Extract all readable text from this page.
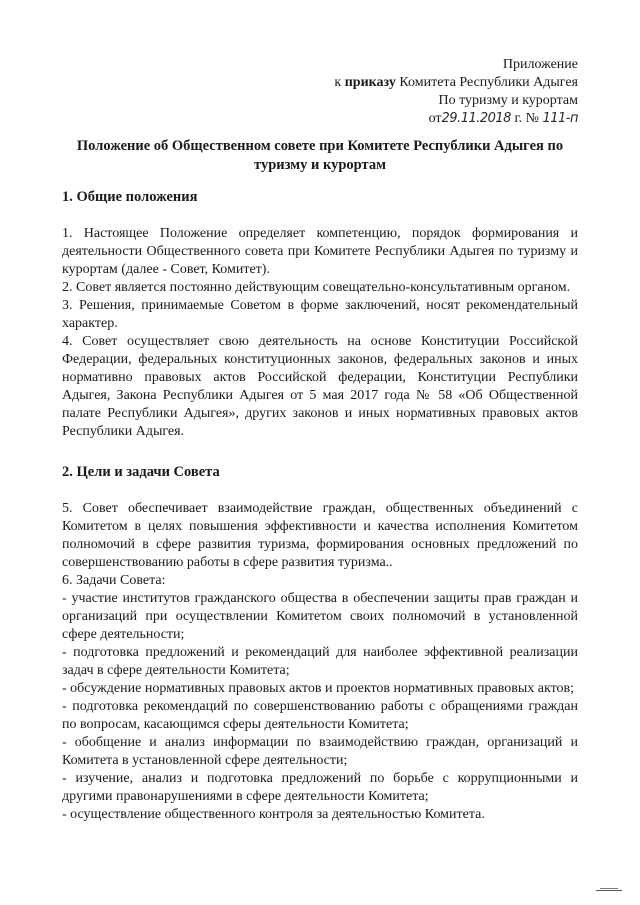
Приложение
к приказу Комитета Республики Адыгея
По туризму и курортам
от29.11.2018 г. № 111-п
Положение об Общественном совете при Комитете Республики Адыгея по туризму и курортам
1. Общие положения

1. Настоящее Положение определяет компетенцию, порядок формирования и деятельности Общественного совета при Комитете Республики Адыгея по туризму и курортам (далее - Совет, Комитет).

2. Совет является постоянно действующим совещательно-консультативным органом.

3. Решения, принимаемые Советом в форме заключений, носят рекомендательный характер.

4. Совет осуществляет свою деятельность на основе Конституции Российской Федерации, федеральных конституционных законов, федеральных законов и иных нормативно правовых актов Российской федерации, Конституции Республики Адыгея, Закона Республики Адыгея от 5 мая 2017 года № 58 «Об Общественной палате Республики Адыгея», других законов и иных нормативных правовых актов Республики Адыгея.

2. Цели и задачи Совета

5. Совет обеспечивает взаимодействие граждан, общественных объединений с Комитетом в целях повышения эффективности и качества исполнения Комитетом полномочий в сфере развития туризма, формирования основных предложений по совершенствованию работы в сфере развития туризма..

6. Задачи Совета:

- участие институтов гражданского общества в обеспечении защиты прав граждан и организаций при осуществлении Комитетом своих полномочий в установленной сфере деятельности;

- подготовка предложений и рекомендаций для наиболее эффективной реализации задач в сфере деятельности Комитета;

- обсуждение нормативных правовых актов и проектов нормативных правовых актов;

- подготовка рекомендаций по совершенствованию работы с обращениями граждан по вопросам, касающимся сферы деятельности Комитета;

- обобщение и анализ информации по взаимодействию граждан, организаций и Комитета в установленной сфере деятельности;

- изучение, анализ и подготовка предложений по борьбе с коррупционными и другими правонарушениями в сфере деятельности Комитета;

- осуществление общественного контроля за деятельностью Комитета.
